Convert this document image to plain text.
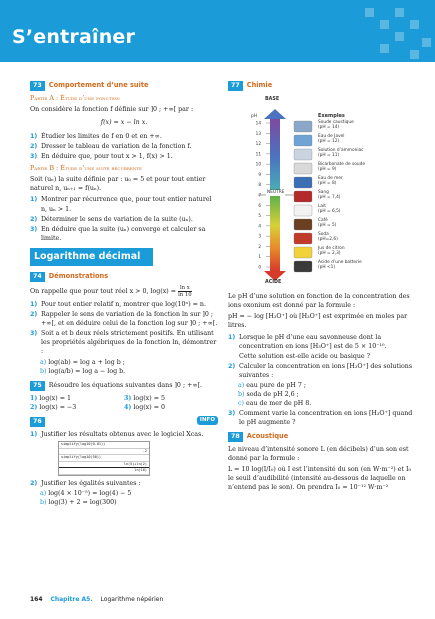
S’entraîner
73 Comportement d’une suite
Partie A : Étude d’une fonction
On considère la fonction f définie sur ]0 ; +∞[ par :
f(x) = x − ln x.
1) Étudier les limites de f en 0 et en +∞.
2) Dresser le tableau de variation de la fonction f.
3) En déduire que, pour tout x > 1, f(x) > 1.
Partie B : Étude d’une suite récurrente
Soit (uₙ) la suite définie par : u₀ = 5 et pour tout entier naturel n, uₙ₊₁ = f(uₙ).
1) Montrer par récurrence que, pour tout entier naturel n, uₙ > 1.
2) Déterminer le sens de variation de la suite (uₙ).
3) En déduire que la suite (uₙ) converge et calculer sa limite.
Logarithme décimal
74 Démonstrations
On rappelle que pour tout réel x > 0, $\log(x) = \frac{\text{ln x}}{\ln 10}$
1) Pour tout entier relatif n, montrer que log(10ⁿ) = n.
2) Rappeler le sens de variation de la fonction ln sur ]0 ; +∞[, et en déduire celui de la fonction log sur ]0 ; +∞[.
3) Soit a et b deux réels strictement positifs. En utilisant les propriétés algébriques de la fonction ln, démontrer :
a) log(ab) = log a + log b ;
b) log(a/b) = log a − log b.
75 Résoudre les équations suivantes dans ]0 ; +∞[.
1) log(x) = 1	3) log(x) = 5
2) log(x) = −3	4) log(x) = 0
76	INFO
1) Justifier les résultats obtenus avec le logiciel Xcas.
simplify(log10(0.01))
-2
simplify(log10(50))
ln(5)+ln(2)
ln(10)
2) Justifier les égalités suivantes :
a) log(4 × 10⁻⁵) = log(4) − 5
b) log(3) + 2 = log(300)
77 Chimie
14
13
12
11
10
9
8
7
6
5
4
3
2
1
0
BASE
ACIDE
NEUTRE
pH	Exemples
Soude caustique
(pH = 14)
Eau de Javel
(pH = 12)
Solution d’ammoniac
(pH = 11)
Bicarbonate de soude
(pH = 9)
Eau de mer
(pH = 8)
Sang
(pH = 7,4)
Lait
(pH = 6,5)
Café
(pH = 5)
Soda
(pH=2,6)
Jus de citron
(pH = 2,3)
Acide d’une batterie
(pH <1)
Le pH d’une solution en fonction de la concentration des ions oxonium est donné par la formule :
pH = − log [H₃O⁺] où [H₃O⁺] est exprimée en moles par litres.
1) Lorsque le pH d’une eau savonneuse dont la concentration en ions [H₃O⁺] est de 5 × 10⁻¹⁰.
Cette solution est-elle acide ou basique ?
2) Calculer la concentration en ions [H₃O⁺] des solutions suivantes :
a) eau pure de pH 7 ;
b) soda de pH 2,6 ;
c) eau de mer de pH 8.
3) Comment varie la concentration en ions [H₃O⁺] quand le pH augmente ?
78 Acoustique
Le niveau d’intensité sonore L (en décibels) d’un son est donné par la formule :
L = 10 log(I/I₀) où I est l’intensité du son (en W·m⁻²) et I₀ le seuil d’audibilité (intensité au-dessous de laquelle on n’entend pas le son). On prendra I₀ = 10⁻¹² W·m⁻²
164 Chapitre A5. Logarithme népérien
